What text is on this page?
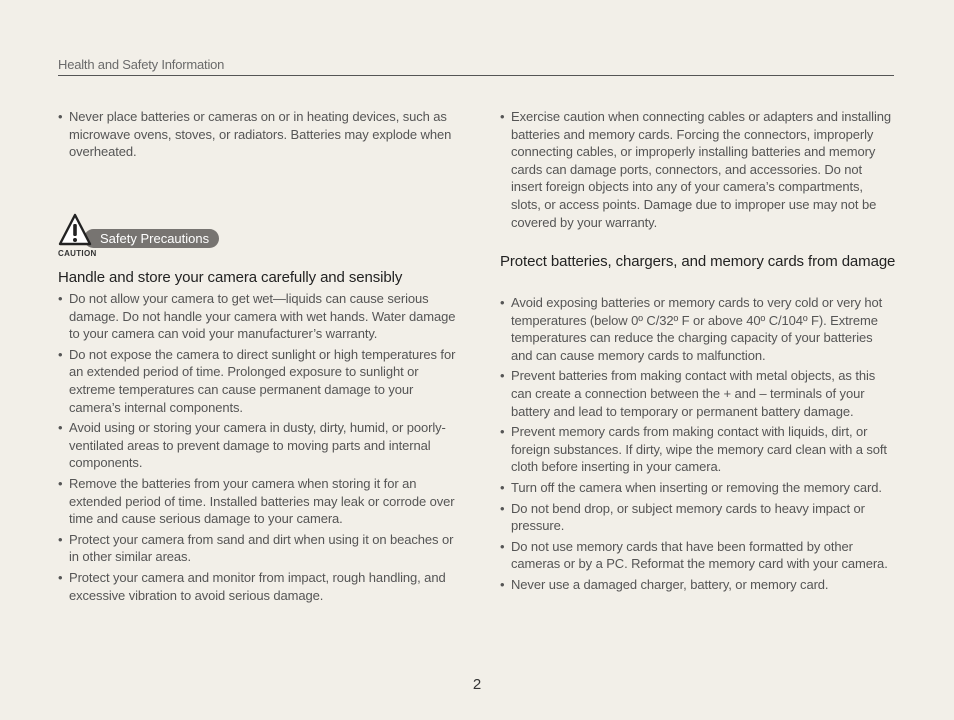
Health and Safety Information
• Never place batteries or cameras on or in heating devices, such as microwave ovens, stoves, or radiators. Batteries may explode when overheated.
Safety Precautions
CAUTION
Handle and store your camera carefully and sensibly
• Do not allow your camera to get wet—liquids can cause serious damage. Do not handle your camera with wet hands. Water damage to your camera can void your manufacturer’s warranty.
• Do not expose the camera to direct sunlight or high temperatures for an extended period of time. Prolonged exposure to sunlight or extreme temperatures can cause permanent damage to your camera’s internal components.
• Avoid using or storing your camera in dusty, dirty, humid, or poorly-ventilated areas to prevent damage to moving parts and internal components.
• Remove the batteries from your camera when storing it for an extended period of time. Installed batteries may leak or corrode over time and cause serious damage to your camera.
• Protect your camera from sand and dirt when using it on beaches or in other similar areas.
• Protect your camera and monitor from impact, rough handling, and excessive vibration to avoid serious damage.
• Exercise caution when connecting cables or adapters and installing batteries and memory cards. Forcing the connectors, improperly connecting cables, or improperly installing batteries and memory cards can damage ports, connectors, and accessories. Do not insert foreign objects into any of your camera’s compartments, slots, or access points. Damage due to improper use may not be covered by your warranty.
Protect batteries, chargers, and memory cards from damage
• Avoid exposing batteries or memory cards to very cold or very hot temperatures (below 0º C/32º F or above 40º C/104º F). Extreme temperatures can reduce the charging capacity of your batteries and can cause memory cards to malfunction.
• Prevent batteries from making contact with metal objects, as this can create a connection between the + and – terminals of your battery and lead to temporary or permanent battery damage.
• Prevent memory cards from making contact with liquids, dirt, or foreign substances. If dirty, wipe the memory card clean with a soft cloth before inserting in your camera.
• Turn off the camera when inserting or removing the memory card.
• Do not bend drop, or subject memory cards to heavy impact or pressure.
• Do not use memory cards that have been formatted by other cameras or by a PC. Reformat the memory card with your camera.
• Never use a damaged charger, battery, or memory card.
2
